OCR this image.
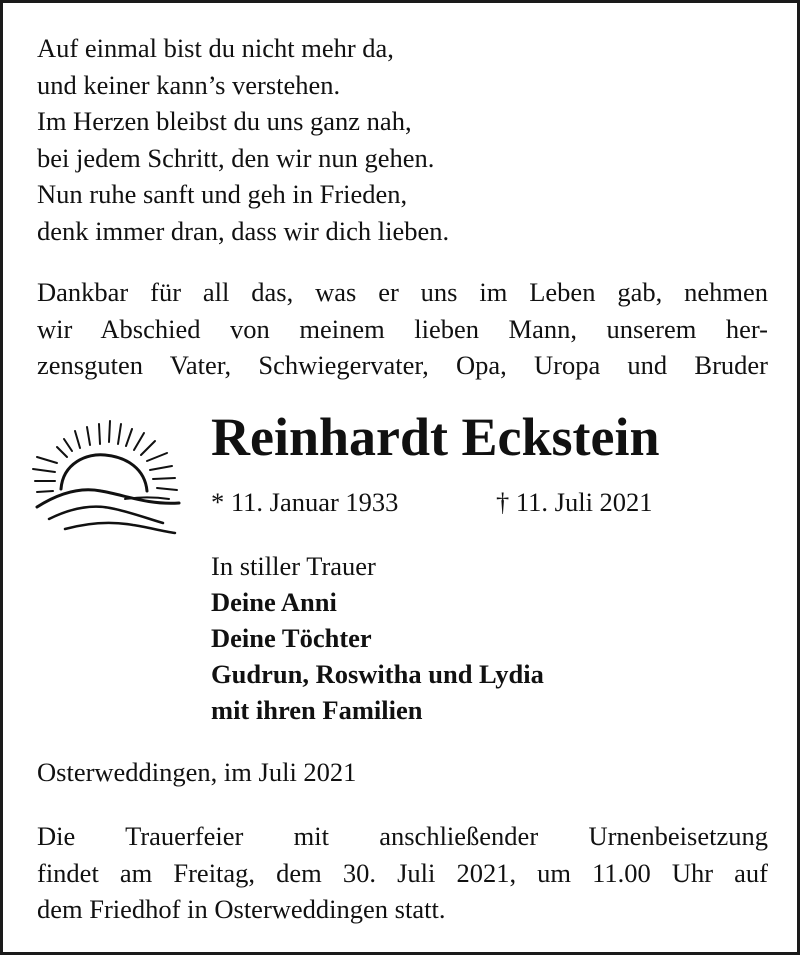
Auf einmal bist du nicht mehr da,
und keiner kann’s verstehen.
Im Herzen bleibst du uns ganz nah,
bei jedem Schritt, den wir nun gehen.
Nun ruhe sanft und geh in Frieden,
denk immer dran, dass wir dich lieben.
Dankbar für all das, was er uns im Leben gab, nehmen
wir Abschied von meinem lieben Mann, unserem her-
zensguten Vater, Schwiegervater, Opa, Uropa und Bruder
Reinhardt Eckstein
* 11. Januar 1933	† 11. Juli 2021
In stiller Trauer
Deine Anni
Deine Töchter
Gudrun, Roswitha und Lydia
mit ihren Familien
Osterweddingen, im Juli 2021
Die Trauerfeier mit anschließender Urnenbeisetzung
findet am Freitag, dem 30. Juli 2021, um 11.00 Uhr auf
dem Friedhof in Osterweddingen statt.
